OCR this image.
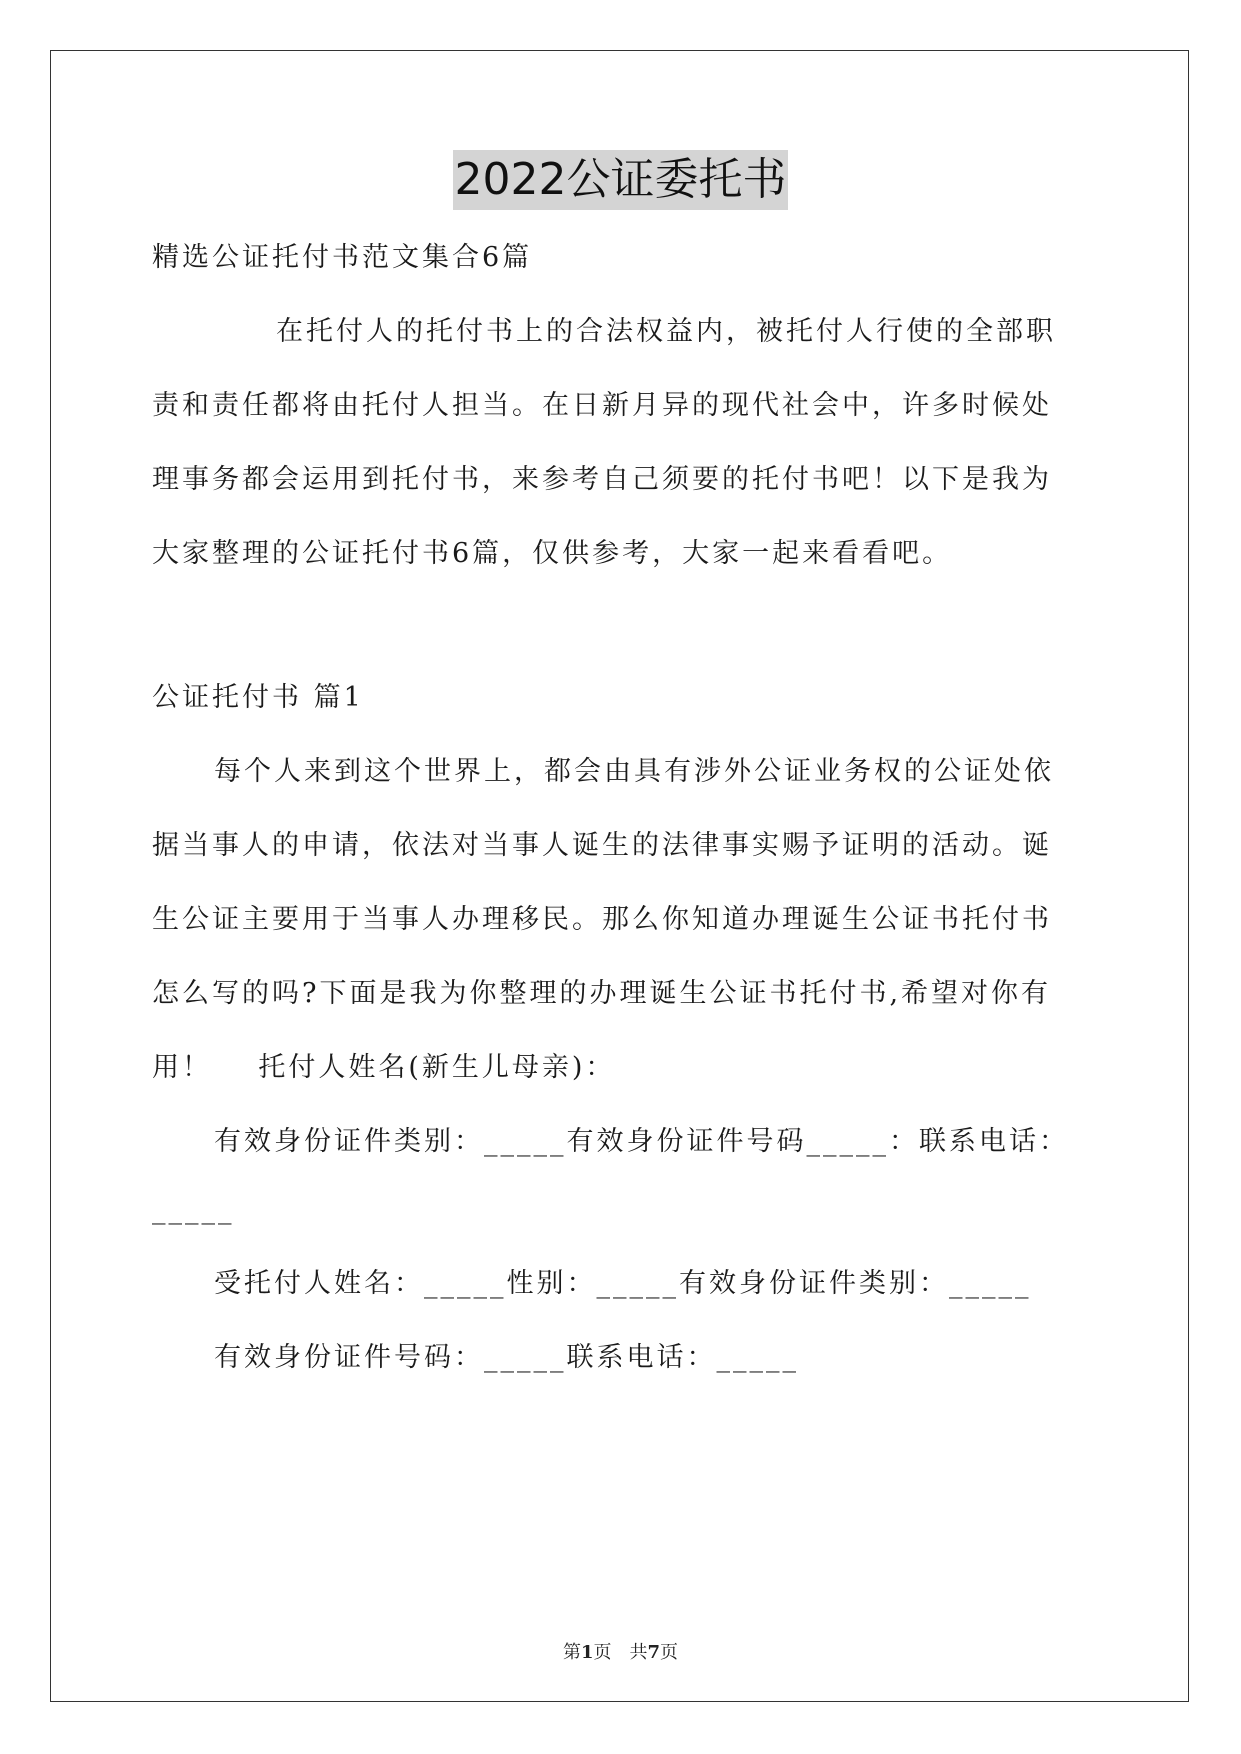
2022公证委托书
精选公证托付书范文集合6篇
在托付人的托付书上的合法权益内，被托付人行使的全部职
责和责任都将由托付人担当。在日新月异的现代社会中，许多时候处
理事务都会运用到托付书，来参考自己须要的托付书吧！以下是我为
大家整理的公证托付书6篇，仅供参考，大家一起来看看吧。
公证托付书 篇1
每个人来到这个世界上，都会由具有涉外公证业务权的公证处依
据当事人的申请，依法对当事人诞生的法律事实赐予证明的活动。诞
生公证主要用于当事人办理移民。那么你知道办理诞生公证书托付书
怎么写的吗?下面是我为你整理的办理诞生公证书托付书,希望对你有
用！    托付人姓名(新生儿母亲)：
有效身份证件类别：_____有效身份证件号码_____：联系电话：
_____
受托付人姓名：_____性别：_____有效身份证件类别：_____
有效身份证件号码：_____联系电话：_____
第1页 共7页
